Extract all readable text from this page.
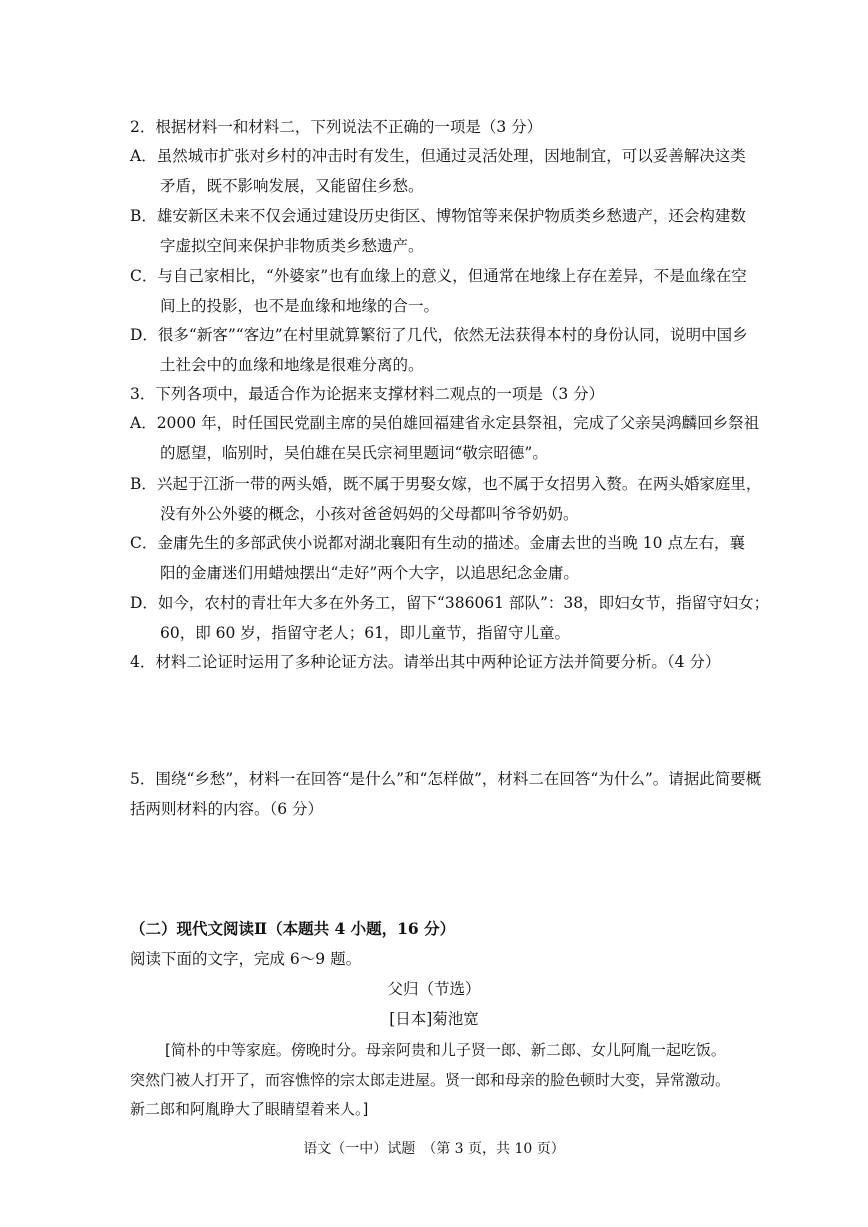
2．根据材料一和材料二，下列说法不正确的一项是（3 分）
A．虽然城市扩张对乡村的冲击时有发生，但通过灵活处理，因地制宜，可以妥善解决这类
矛盾，既不影响发展，又能留住乡愁。
B．雄安新区未来不仅会通过建设历史街区、博物馆等来保护物质类乡愁遗产，还会构建数
字虚拟空间来保护非物质类乡愁遗产。
C．与自己家相比，“外婆家”也有血缘上的意义，但通常在地缘上存在差异，不是血缘在空
间上的投影，也不是血缘和地缘的合一。
D．很多“新客”“客边”在村里就算繁衍了几代，依然无法获得本村的身份认同，说明中国乡
土社会中的血缘和地缘是很难分离的。
3．下列各项中，最适合作为论据来支撑材料二观点的一项是（3 分）
A．2000 年，时任国民党副主席的吴伯雄回福建省永定县祭祖，完成了父亲吴鸿麟回乡祭祖
的愿望，临别时，吴伯雄在吴氏宗祠里题词“敬宗昭德”。
B．兴起于江浙一带的两头婚，既不属于男娶女嫁，也不属于女招男入赘。在两头婚家庭里，
没有外公外婆的概念，小孩对爸爸妈妈的父母都叫爷爷奶奶。
C．金庸先生的多部武侠小说都对湖北襄阳有生动的描述。金庸去世的当晚 10 点左右，襄
阳的金庸迷们用蜡烛摆出“走好”两个大字，以追思纪念金庸。
D．如今，农村的青壮年大多在外务工，留下“386061 部队”：38，即妇女节，指留守妇女；
60，即 60 岁，指留守老人；61，即儿童节，指留守儿童。
4．材料二论证时运用了多种论证方法。请举出其中两种论证方法并简要分析。（4 分）
5．围绕“乡愁”，材料一在回答“是什么”和“怎样做”，材料二在回答“为什么”。请据此简要概
括两则材料的内容。（6 分）
（二）现代文阅读Ⅱ（本题共 4 小题，16 分）
阅读下面的文字，完成 6～9 题。
父归（节选）
[日本]菊池宽
[简朴的中等家庭。傍晚时分。母亲阿贵和儿子贤一郎、新二郎、女儿阿胤一起吃饭。
突然门被人打开了，而容憔悴的宗太郎走进屋。贤一郎和母亲的脸色顿时大变，异常激动。
新二郎和阿胤睁大了眼睛望着来人。]
语文（一中）试题　（第 3 页，共 10 页）
